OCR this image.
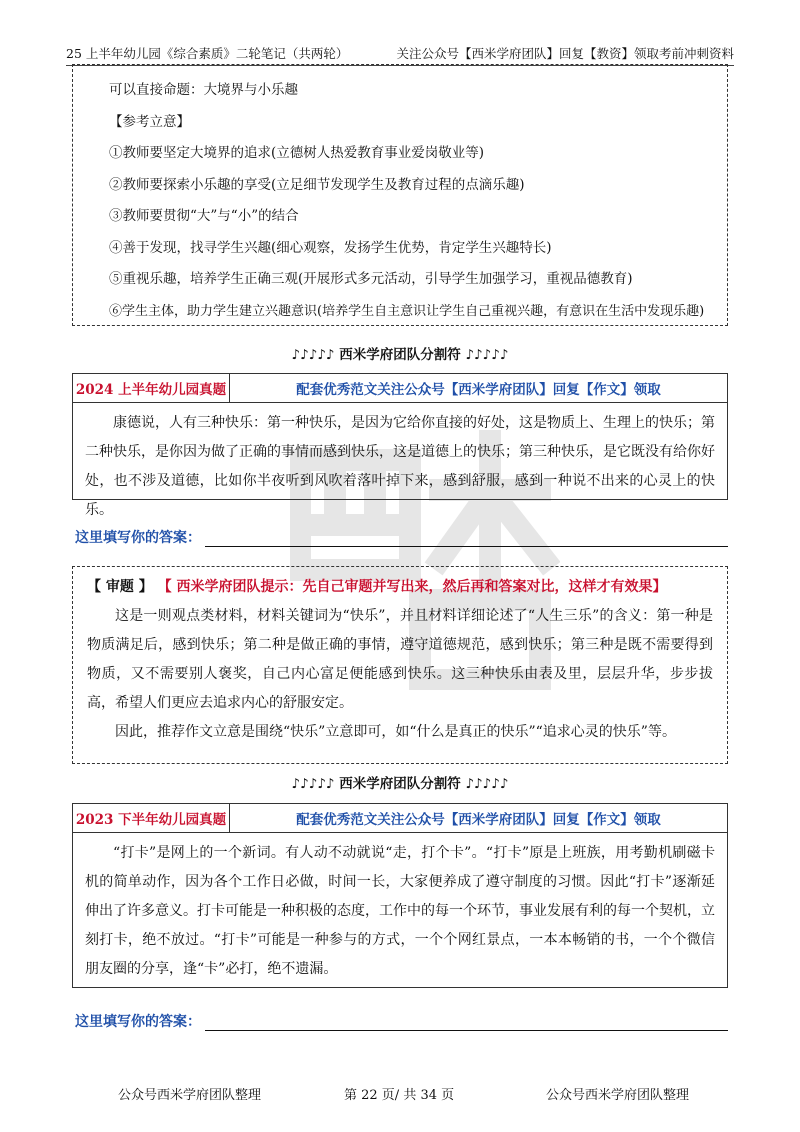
25 上半年幼儿园《综合素质》二轮笔记（共两轮）	关注公众号【西米学府团队】回复【教资】领取考前冲刺资料
可以直接命题：大境界与小乐趣
【参考立意】
①教师要坚定大境界的追求(立德树人热爱教育事业爱岗敬业等)
②教师要探索小乐趣的享受(立足细节发现学生及教育过程的点滴乐趣)
③教师要贯彻“大”与“小”的结合
④善于发现，找寻学生兴趣(细心观察，发扬学生优势，肯定学生兴趣特长)
⑤重视乐趣，培养学生正确三观(开展形式多元活动，引导学生加强学习，重视品德教育)
⑥学生主体，助力学生建立兴趣意识(培养学生自主意识让学生自己重视兴趣，有意识在生活中发现乐趣)
♪♪♪♪♪ 西米学府团队分割符 ♪♪♪♪♪
2024 上半年幼儿园真题	配套优秀范文关注公众号【西米学府团队】回复【作文】领取

康德说，人有三种快乐：第一种快乐，是因为它给你直接的好处，这是物质上、生理上的快乐；第二种快乐，是你因为做了正确的事情而感到快乐，这是道德上的快乐；第三种快乐，是它既没有给你好处，也不涉及道德，比如你半夜听到风吹着落叶掉下来，感到舒服，感到一种说不出来的心灵上的快乐。

这里填写你的答案：

【 审题 】 【 西米学府团队提示：先自己审题并写出来，然后再和答案对比，这样才有效果】

这是一则观点类材料，材料关键词为“快乐”，并且材料详细论述了“人生三乐”的含义：第一种是物质满足后，感到快乐；第二种是做正确的事情，遵守道德规范，感到快乐；第三种是既不需要得到物质，又不需要别人褒奖，自己内心富足便能感到快乐。这三种快乐由表及里，层层升华，步步拔高，希望人们更应去追求内心的舒服安定。

因此，推荐作文立意是围绕“快乐”立意即可，如“什么是真正的快乐”“追求心灵的快乐”等。

♪♪♪♪♪ 西米学府团队分割符 ♪♪♪♪♪
2023 下半年幼儿园真题	配套优秀范文关注公众号【西米学府团队】回复【作文】领取

“打卡”是网上的一个新词。有人动不动就说“走，打个卡”。“打卡”原是上班族，用考勤机刷磁卡机的简单动作，因为各个工作日必做，时间一长，大家便养成了遵守制度的习惯。因此“打卡”逐渐延伸出了许多意义。打卡可能是一种积极的态度，工作中的每一个环节，事业发展有利的每一个契机，立刻打卡，绝不放过。“打卡”可能是一种参与的方式，一个个网红景点，一本本畅销的书，一个个微信朋友圈的分享，逢“卡”必打，绝不遗漏。

这里填写你的答案：
公众号西米学府团队整理	第 22 页/ 共 34 页	公众号西米学府团队整理
